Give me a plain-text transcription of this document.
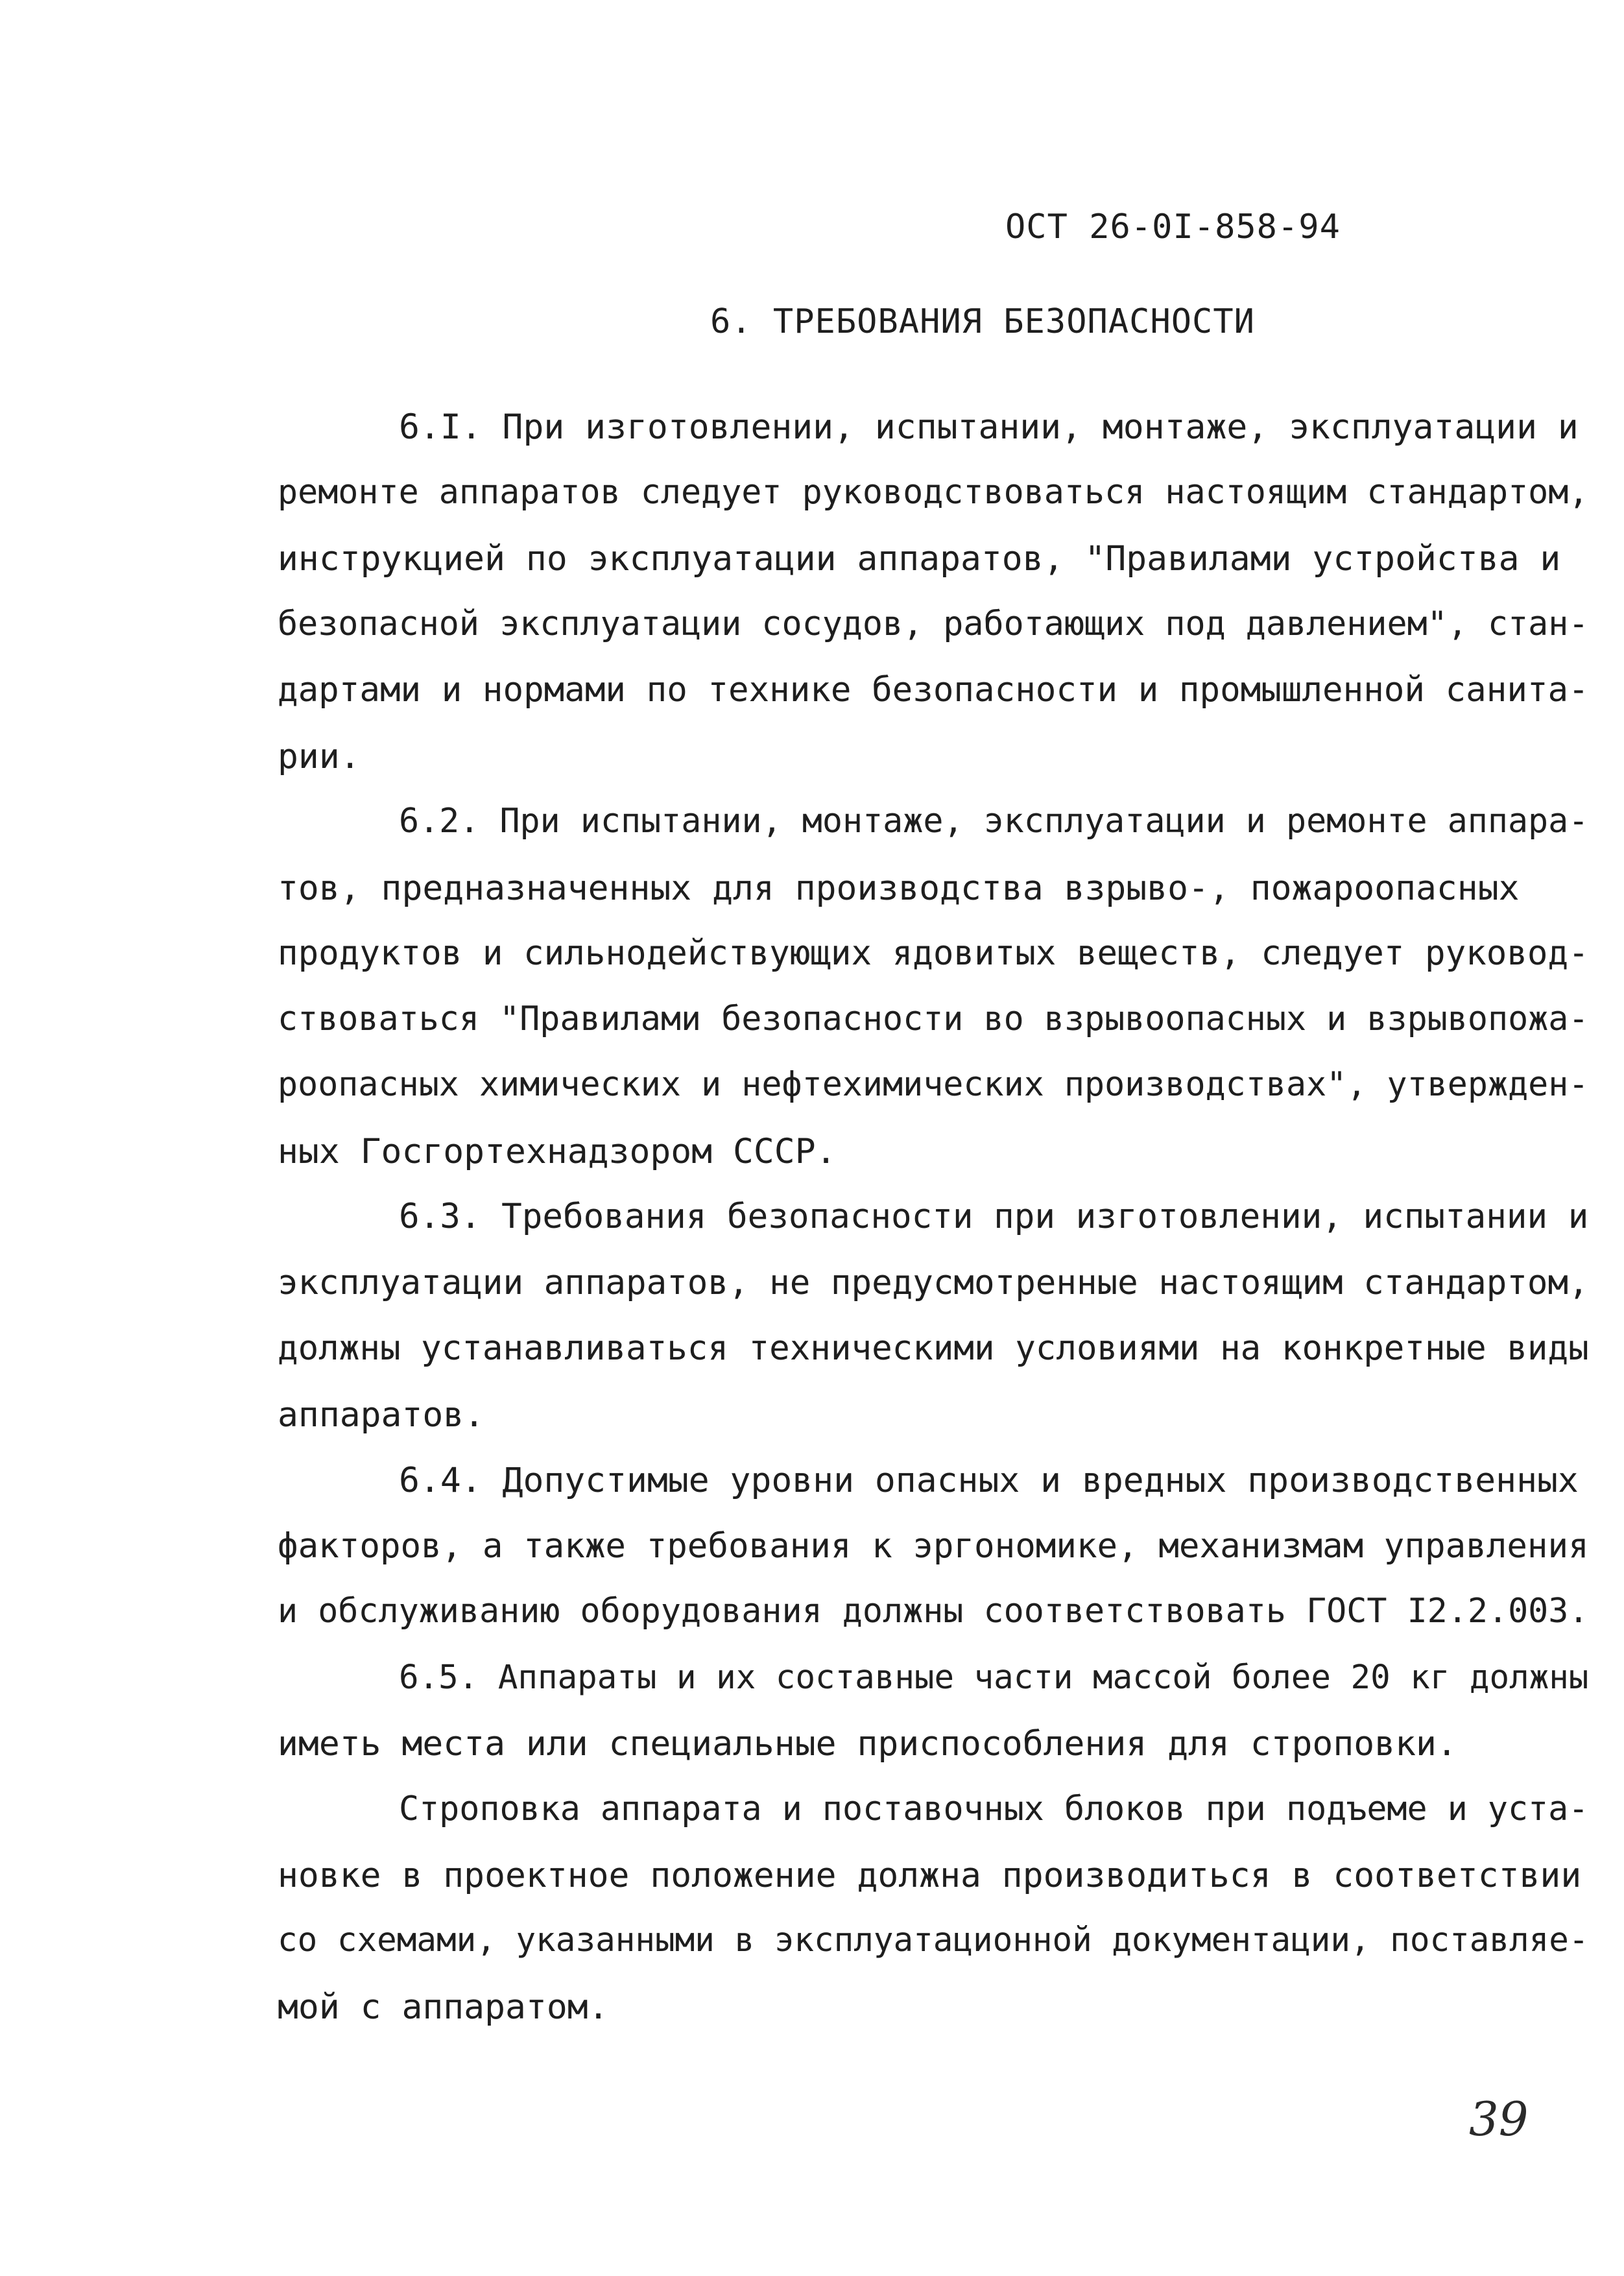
ОСТ 26-0I-858-94
6. ТРЕБОВАНИЯ БЕЗОПАСНОСТИ
6.I. При изготовлении, испытании, монтаже, эксплуатации и
ремонте аппаратов следует руководствоваться настоящим стандартом,
инструкцией по эксплуатации аппаратов, "Правилами устройства и
безопасной эксплуатации сосудов, работающих под давлением", стан-
дартами и нормами по технике безопасности и промышленной санита-
рии.
6.2. При испытании, монтаже, эксплуатации и ремонте аппара-
тов, предназначенных для производства взрыво-, пожароопасных
продуктов и сильнодействующих ядовитых веществ, следует руковод-
ствоваться "Правилами безопасности во взрывоопасных и взрывопожа-
роопасных химических и нефтехимических производствах", утвержден-
ных Госгортехнадзором СССР.
6.3. Требования безопасности при изготовлении, испытании и
эксплуатации аппаратов, не предусмотренные настоящим стандартом,
должны устанавливаться техническими условиями на конкретные виды
аппаратов.
6.4. Допустимые уровни опасных и вредных производственных
факторов, а также требования к эргономике, механизмам управления
и обслуживанию оборудования должны соответствовать ГОСТ I2.2.003.
6.5. Аппараты и их составные части массой более 20 кг должны
иметь места или специальные приспособления для строповки.
Строповка аппарата и поставочных блоков при подъеме и уста-
новке в проектное положение должна производиться в соответствии
со схемами, указанными в эксплуатационной документации, поставляе-
мой с аппаратом.
39
